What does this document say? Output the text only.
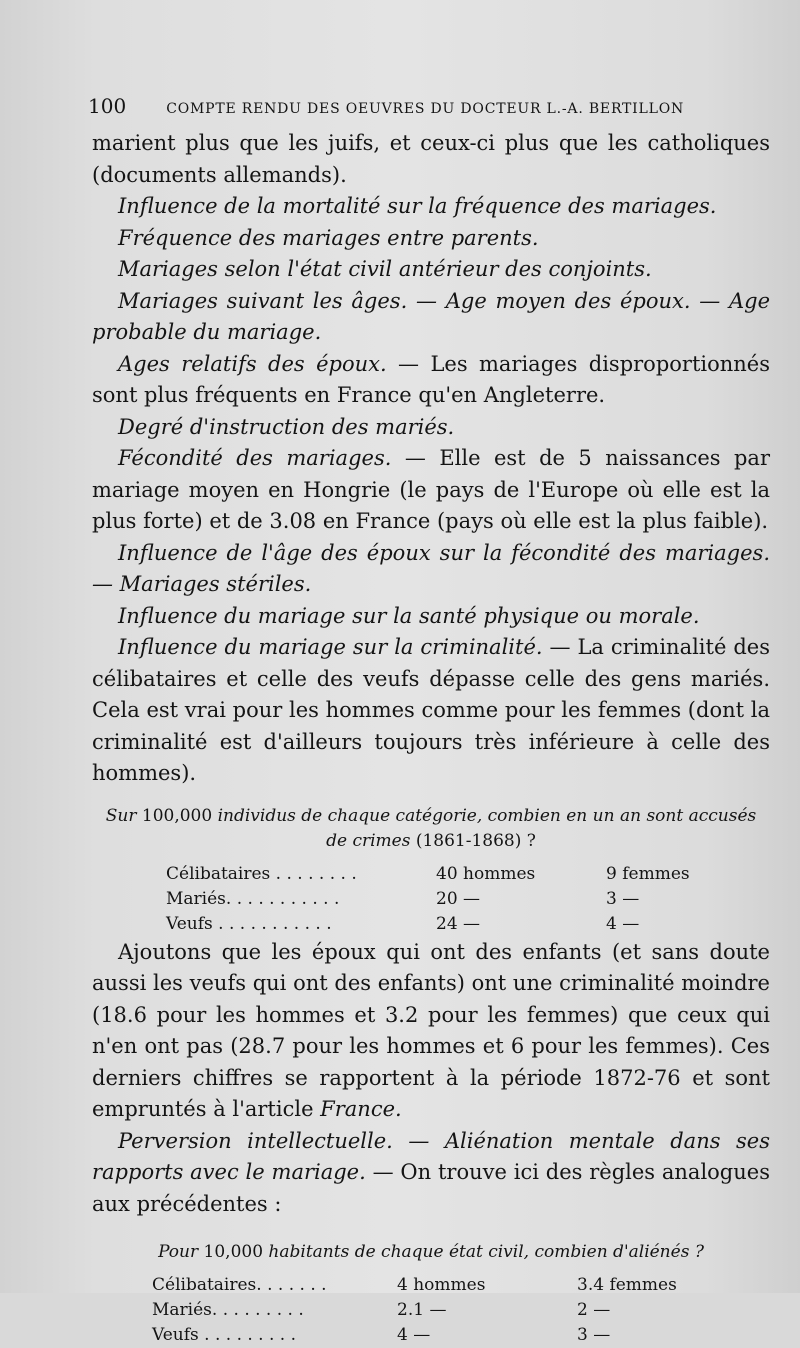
100	COMPTE RENDU DES OEUVRES DU DOCTEUR L.-A. BERTILLON

marient plus que les juifs, et ceux-ci plus que les catholiques (documents allemands).

Influence de la mortalité sur la fréquence des mariages.

Fréquence des mariages entre parents.

Mariages selon l'état civil antérieur des conjoints.

Mariages suivant les âges. — Age moyen des époux. — Age probable du mariage.

Ages relatifs des époux. — Les mariages disproportionnés sont plus fréquents en France qu'en Angleterre.

Degré d'instruction des mariés.

Fécondité des mariages. — Elle est de 5 naissances par mariage moyen en Hongrie (le pays de l'Europe où elle est la plus forte) et de 3.08 en France (pays où elle est la plus faible).

Influence de l'âge des époux sur la fécondité des mariages. — Mariages stériles.

Influence du mariage sur la santé physique ou morale.

Influence du mariage sur la criminalité. — La criminalité des célibataires et celle des veufs dépasse celle des gens mariés. Cela est vrai pour les hommes comme pour les femmes (dont la criminalité est d'ailleurs toujours très inférieure à celle des hommes).

Sur 100,000 individus de chaque catégorie, combien en un an sont accusés de crimes (1861-1868) ?
Célibataires . . . . . . . .	40 hommes	9 femmes
Mariés. . . . . . . . . . .	20 —	3 —
Veufs . . . . . . . . . . .	24 —	4 —

Ajoutons que les époux qui ont des enfants (et sans doute aussi les veufs qui ont des enfants) ont une criminalité moindre (18.6 pour les hommes et 3.2 pour les femmes) que ceux qui n'en ont pas (28.7 pour les hommes et 6 pour les femmes). Ces derniers chiffres se rapportent à la période 1872-76 et sont empruntés à l'article France.

Perversion intellectuelle. — Aliénation mentale dans ses rapports avec le mariage. — On trouve ici des règles analogues aux précédentes :

Pour 10,000 habitants de chaque état civil, combien d'aliénés ?
Célibataires. . . . . . .	4 hommes	3.4 femmes
Mariés. . . . . . . . .	2.1 —	2 —
Veufs . . . . . . . . .	4 —	3 —
